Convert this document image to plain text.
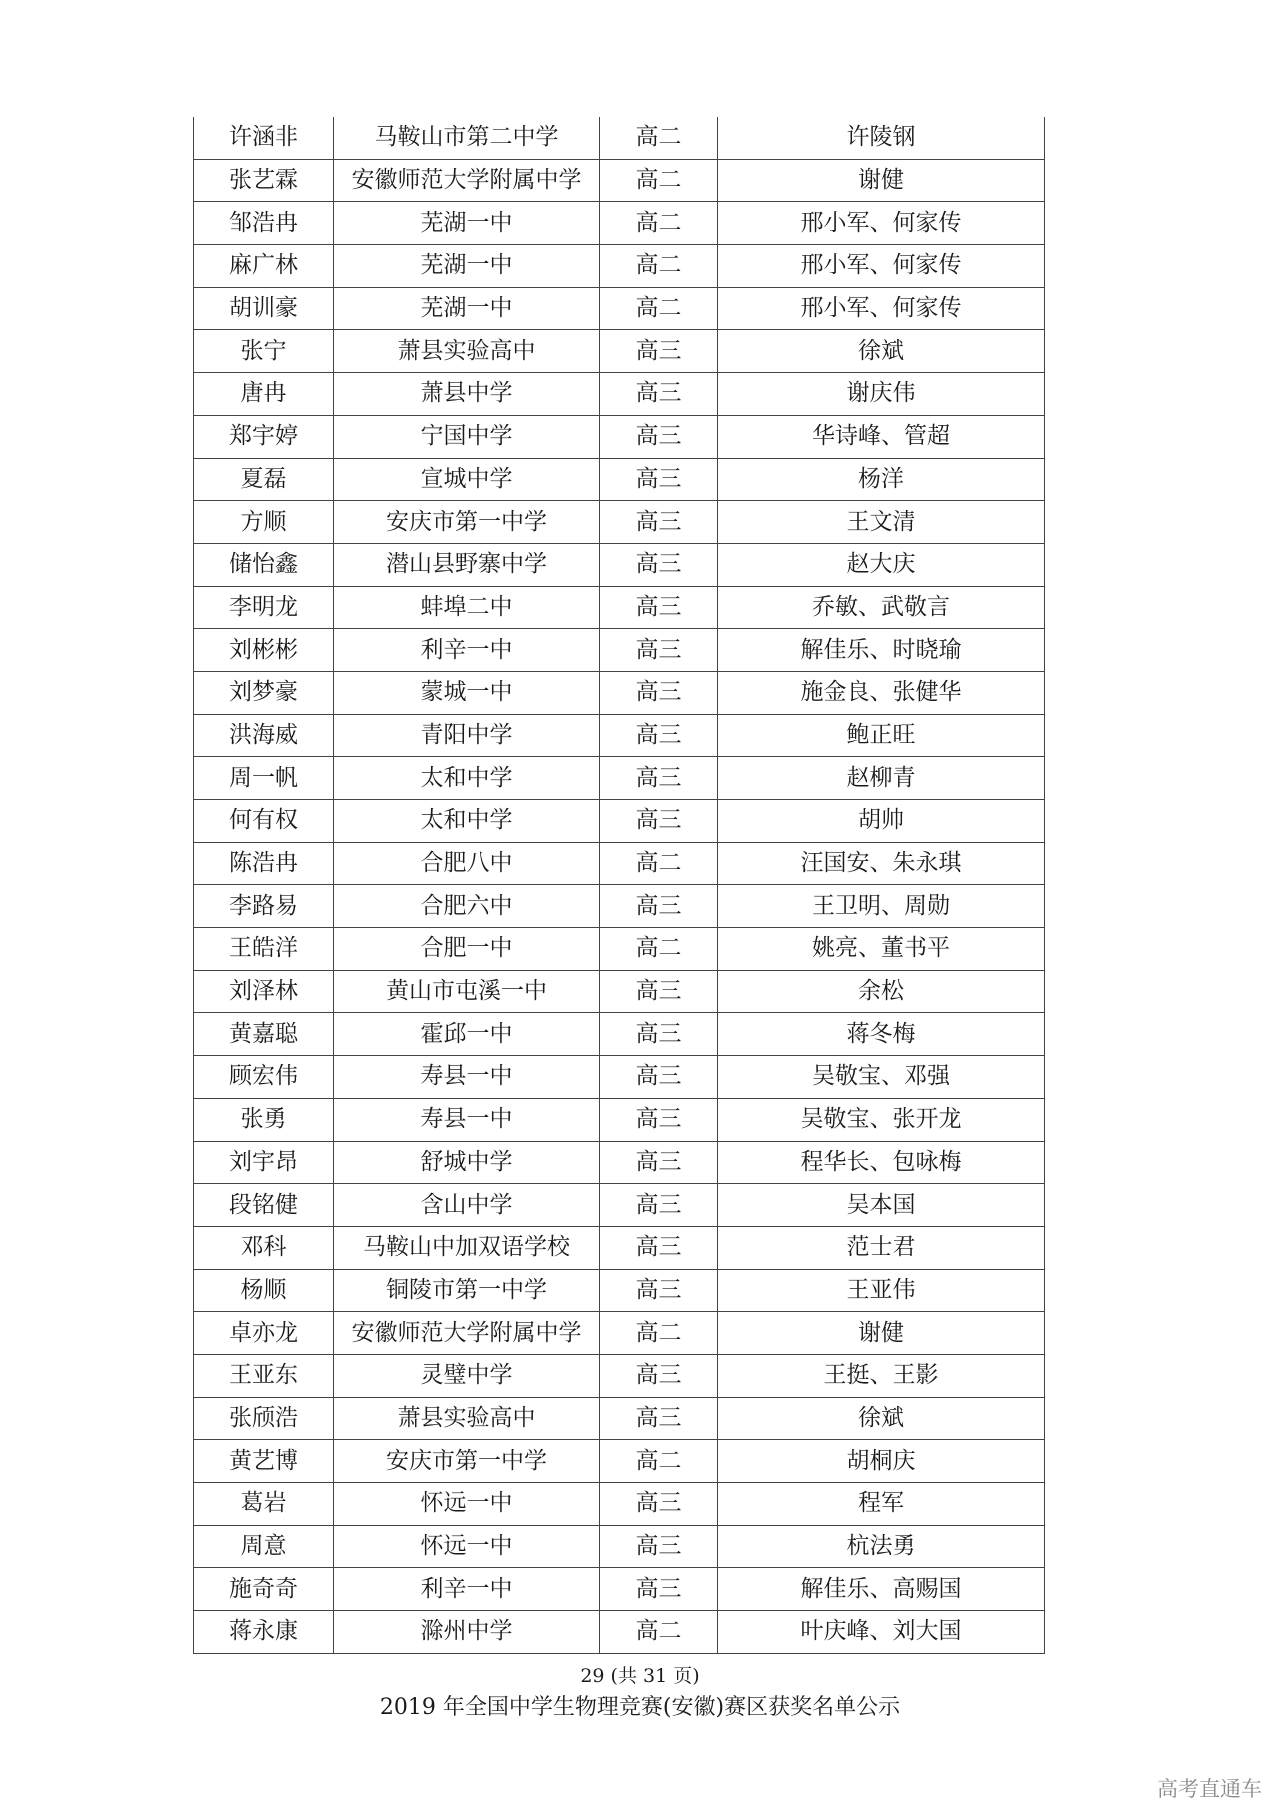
许涵非	马鞍山市第二中学	高二	许陵钢
张艺霖	安徽师范大学附属中学	高二	谢健
邹浩冉	芜湖一中	高二	邢小军、何家传
麻广林	芜湖一中	高二	邢小军、何家传
胡训豪	芜湖一中	高二	邢小军、何家传
张宁	萧县实验高中	高三	徐斌
唐冉	萧县中学	高三	谢庆伟
郑宇婷	宁国中学	高三	华诗峰、管超
夏磊	宣城中学	高三	杨洋
方顺	安庆市第一中学	高三	王文清
储怡鑫	潜山县野寨中学	高三	赵大庆
李明龙	蚌埠二中	高三	乔敏、武敬言
刘彬彬	利辛一中	高三	解佳乐、时晓瑜
刘梦豪	蒙城一中	高三	施金良、张健华
洪海威	青阳中学	高三	鲍正旺
周一帆	太和中学	高三	赵柳青
何有权	太和中学	高三	胡帅
陈浩冉	合肥八中	高二	汪国安、朱永琪
李路易	合肥六中	高三	王卫明、周勋
王皓洋	合肥一中	高二	姚亮、董书平
刘泽林	黄山市屯溪一中	高三	余松
黄嘉聪	霍邱一中	高三	蒋冬梅
顾宏伟	寿县一中	高三	吴敬宝、邓强
张勇	寿县一中	高三	吴敬宝、张开龙
刘宇昂	舒城中学	高三	程华长、包咏梅
段铭健	含山中学	高三	吴本国
邓科	马鞍山中加双语学校	高三	范士君
杨顺	铜陵市第一中学	高三	王亚伟
卓亦龙	安徽师范大学附属中学	高二	谢健
王亚东	灵璧中学	高三	王挺、王影
张颀浩	萧县实验高中	高三	徐斌
黄艺博	安庆市第一中学	高二	胡桐庆
葛岩	怀远一中	高三	程军
周意	怀远一中	高三	杭法勇
施奇奇	利辛一中	高三	解佳乐、高赐国
蒋永康	滁州中学	高二	叶庆峰、刘大国
29 (共 31 页)
2019 年全国中学生物理竞赛(安徽)赛区获奖名单公示
高考直通车
